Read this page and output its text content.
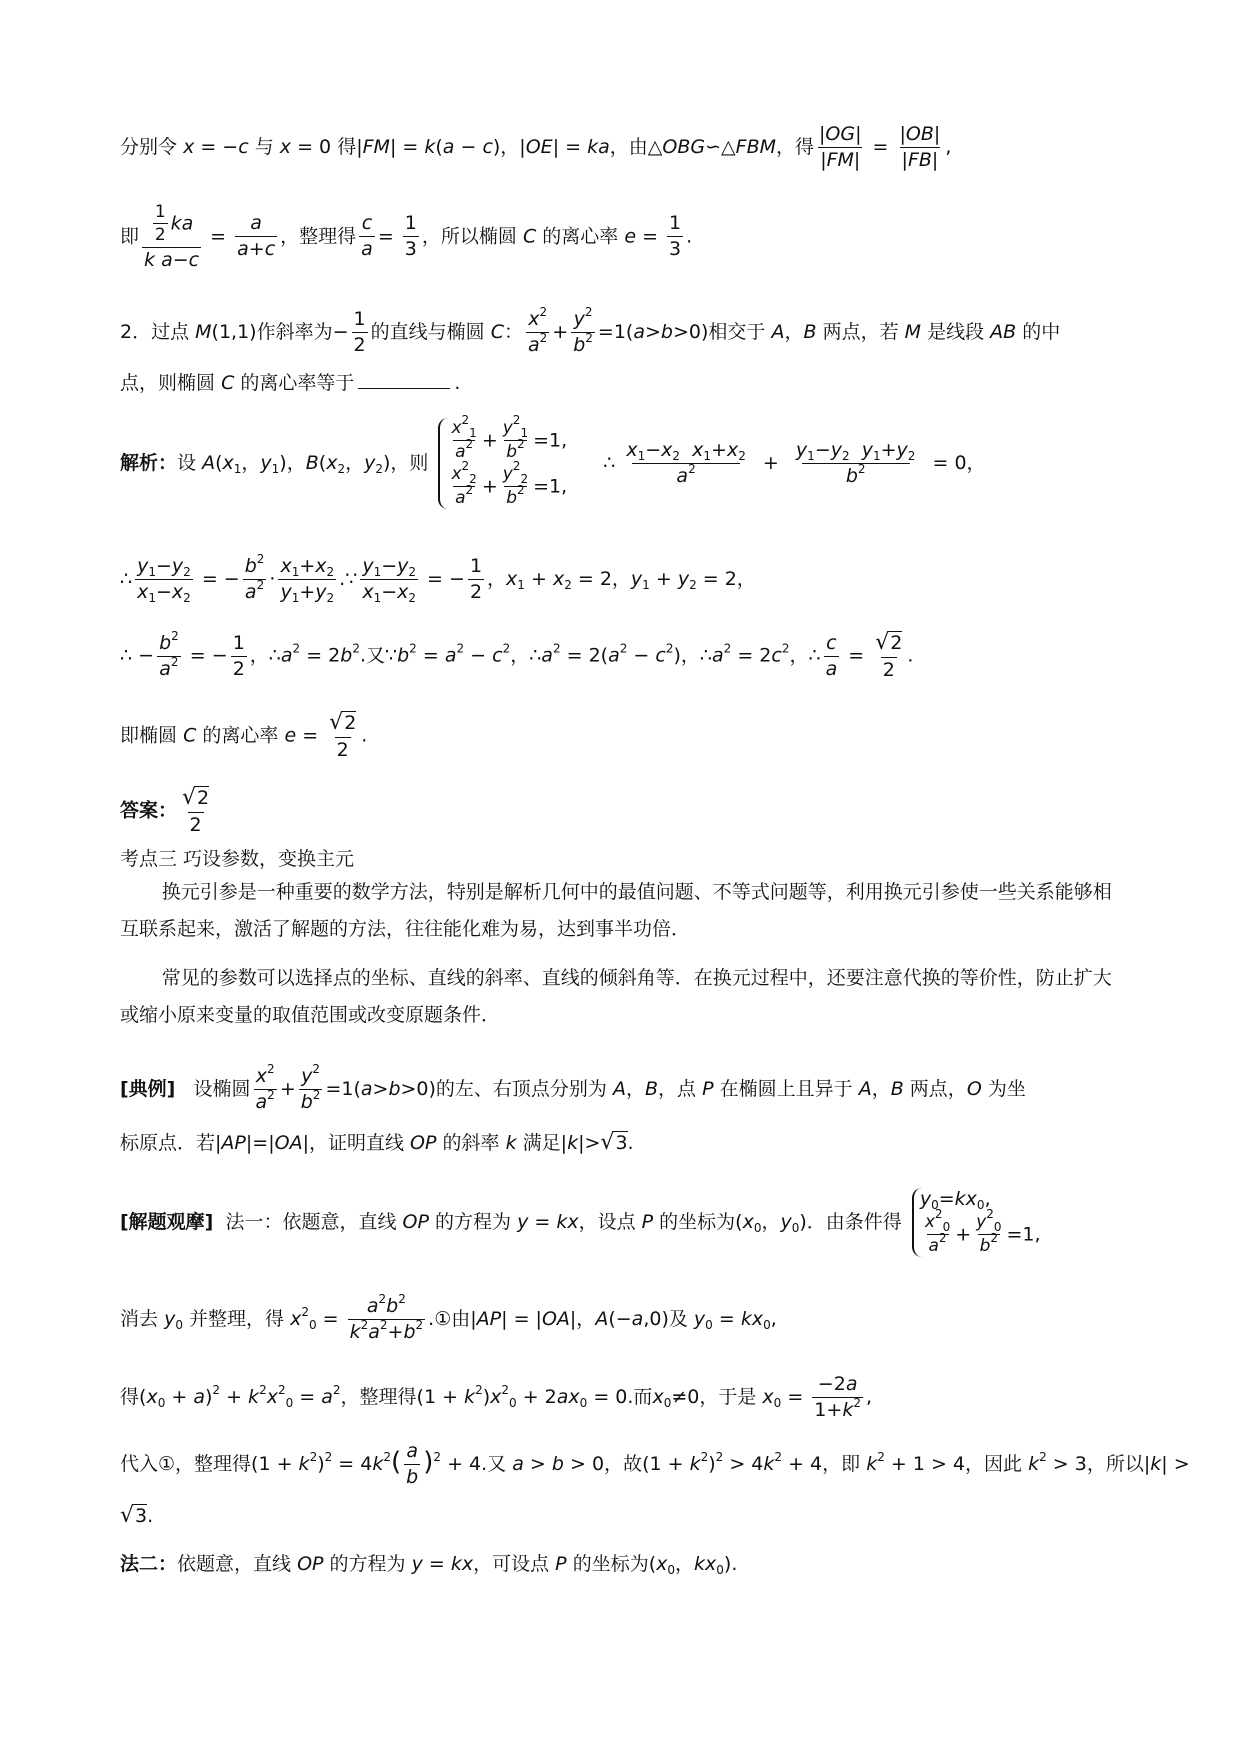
分别令 x = −c 与 x = 0 得|FM| = k(a − c)，|OE| = ka，由△OBG∽△FBM，得 $\frac{|OG|}{|FM|} = \frac{|OB|}{|FB|}$ ,
即 $\frac{\frac{1}{2} ka}{\text{k a−c}} = \frac{a}{a+c}$ ，整理得 $\frac{c}{a} = \frac{1}{3}$ ，所以椭圆 C 的离心率 $e = \frac{1}{3}$ .
2．过点 M(1,1)作斜率为− $\frac{1}{2}$ 的直线与椭圆 C： $\frac{x^2}{a^2} + \frac{y^2}{b^2} =1(a>b>0)$相交于 A，B 两点，若 M 是线段 AB 的中
点，则椭圆 C 的离心率等于	.
解析：设 $A(x_1$，$y_1$)，$B(x_2$，$y_2$)，则 $\frac{x^2_1}{a^2} + \frac{y^2_1}{b^2} =1$,
$\frac{x^2_2}{a^2} + \frac{y^2_2}{b^2} =1$,
∴ $\frac{x_1-x_2 x_1+x_2}{a^2} + \frac{y_1-y_2 y_1+y_2}{b^2} = 0$，
∴ $\frac{y_1-y_2}{x_1-x_2}$ = − $\frac{b^2}{a^2} \cdot \frac{x_1+x_2}{y_1+y_2}$ .∵ $\frac{y_1-y_2}{x_1-x_2}$ = − $\frac{1}{2}$ ，$x_1 + x_2 = 2$，$y_1 + y_2 = 2$，
∴ − $\frac{b^2}{a^2}$ = − $\frac{1}{2}$ ，$\therefore a^2 = 2b^2$.又$\because b^2 = a^2 - c^2$，$\therefore a^2 = 2(a^2 - c^2)$，$\therefore a^2 = 2c^2$，∴ $\frac{c}{a} = \frac{√2}{2}$ .
即椭圆 C 的离心率 $e = \frac{√2}{2}$ .
答案： $\frac{√2}{2}$
考点三 巧设参数，变换主元
换元引参是一种重要的数学方法，特别是解析几何中的最值问题、不等式问题等，利用换元引参使一些关系能够相互联系起来，激活了解题的方法，往往能化难为易，达到事半功倍．
常见的参数可以选择点的坐标、直线的斜率、直线的倾斜角等．在换元过程中，还要注意代换的等价性，防止扩大或缩小原来变量的取值范围或改变原题条件．
[典例] 设椭圆 $\frac{x^2}{a^2} + \frac{y^2}{b^2} =1(a>b>0)$的左、右顶点分别为 A，B，点 P 在椭圆上且异于 A，B 两点，O 为坐
标原点．若|AP|=|OA|，证明直线 OP 的斜率 k 满足|k|>√3.
[解题观摩] 法一：依题意，直线 OP 的方程为 y = kx，设点 P 的坐标为($x_0$，$y_0$)．由条件得
$y_0=kx_0$,
$\frac{x^2_0}{a^2} + \frac{y^2_0}{b^2} =1$,
消去 $y_0$ 并整理，得 $x^2_0 = \frac{a^2b^2}{k^2a^2+b^2}$ .①由|AP| = |OA|，A(−a,0)及 $y_0 = kx_0$,
得$(x_0 + a)^2 + k^2x^2_0 = a^2$，整理得$(1 + k^2)x^2_0 + 2ax_0 = 0$.而$x_0\ne 0$，于是 $x_0 = \frac{-2a}{1+k^2}$ ,
代入①，整理得$(1 + k^2)^2 = 4k^2( \frac{a}{b} )^2 + 4$.又 a > b > 0，故$(1 + k^2)^2 > 4k^2 + 4$，即 $k^2 + 1 > 4$，因此 $k^2 > 3$，所以|k| >
√3.
法二：依题意，直线 OP 的方程为 y = kx，可设点 P 的坐标为($x_0$，$kx_0$).
